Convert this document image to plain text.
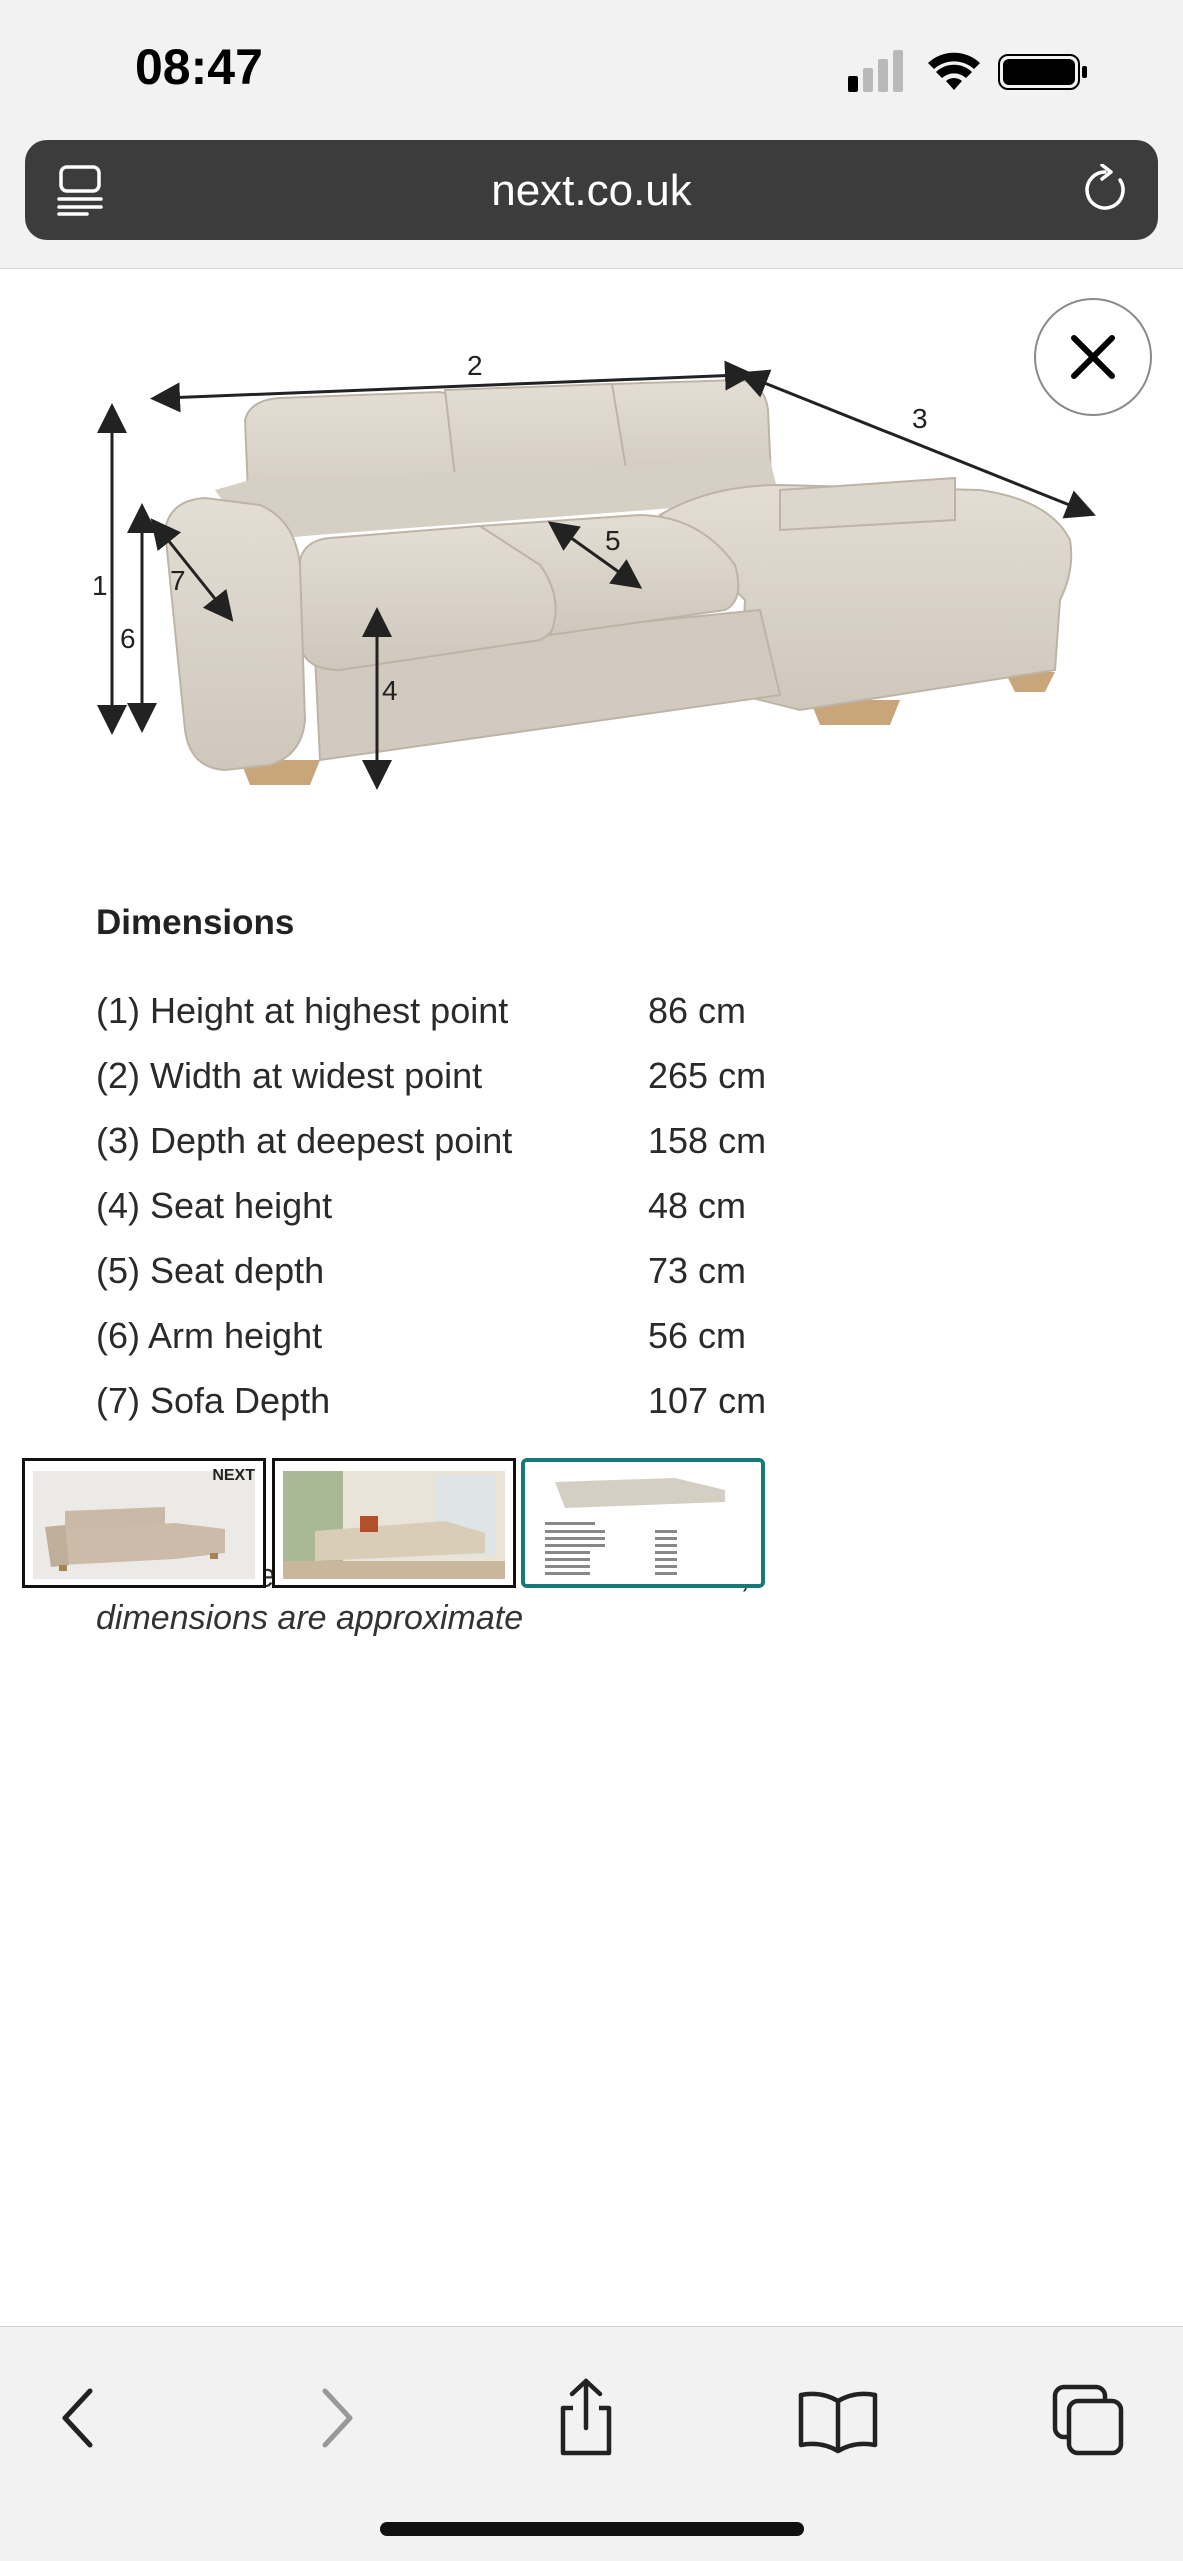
08:47
next.co.uk
1
2
3
4
5
6
7
Dimensions
(1) Height at highest point	86 cm
(2) Width at widest point	265 cm
(3) Depth at deepest point	158 cm
(4) Seat height	48 cm
(5) Seat depth	73 cm
(6) Arm height	56 cm
(7) Sofa Depth	107 cm
dimensions are approximate
NEXT
